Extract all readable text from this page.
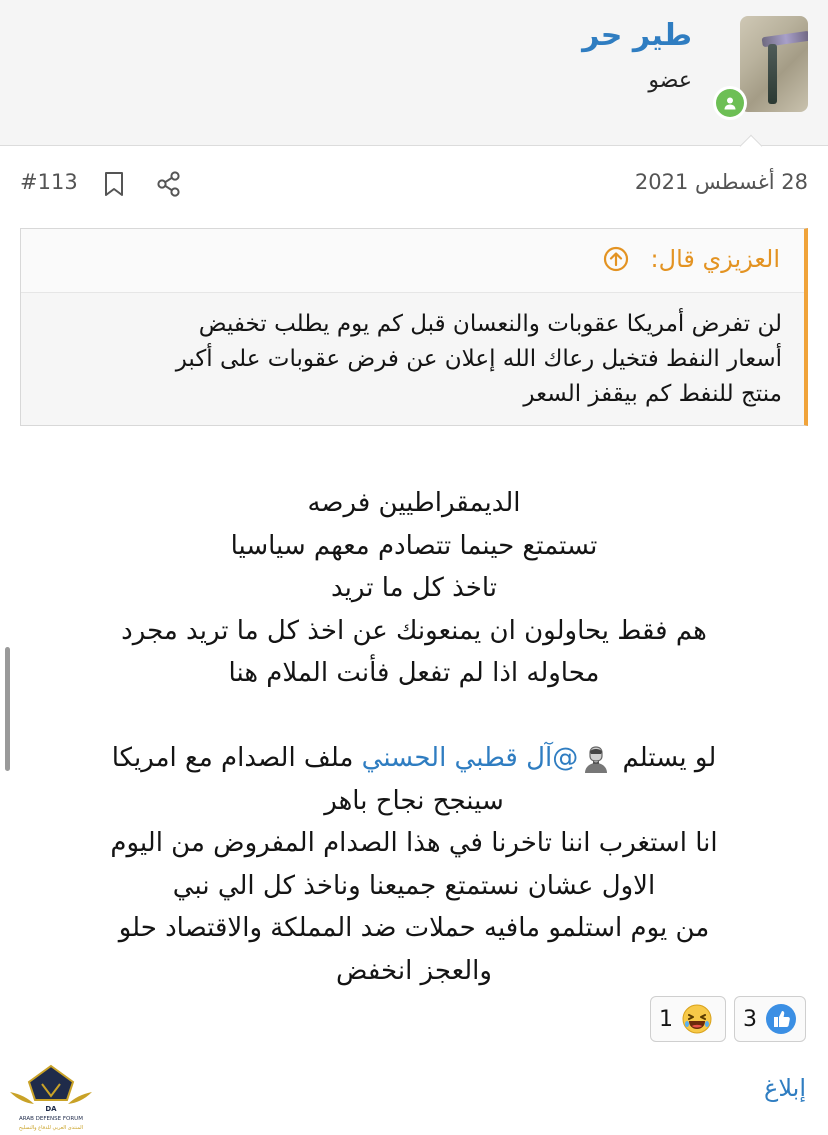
طير حر
عضو
28 أغسطس 2021
#113
العزيزي قال:
لن تفرض أمريكا عقوبات والنعسان قبل كم يوم يطلب تخفيض
أسعار النفط فتخيل رعاك الله إعلان عن فرض عقوبات على أكبر
منتج للنفط كم بيقفز السعر
الديمقراطيين فرصه
تستمتع حينما تتصادم معهم سياسيا
تاخذ كل ما تريد
هم فقط يحاولون ان يمنعونك عن اخذ كل ما تريد مجرد
محاوله اذا لم تفعل فأنت الملام هنا
لو يستلم @آل قطبي الحسني ملف الصدام مع امريكا
سينجح نجاح باهر
انا استغرب اننا تاخرنا في هذا الصدام المفروض من اليوم
الاول عشان نستمتع جميعنا وناخذ كل الي نبي
من يوم استلمو مافيه حملات ضد المملكة والاقتصاد حلو
والعجز انخفض
1	3
إبلاغ
DA
ARAB DEFENSE FORUM
المنتدى العربي للدفاع والتسليح
